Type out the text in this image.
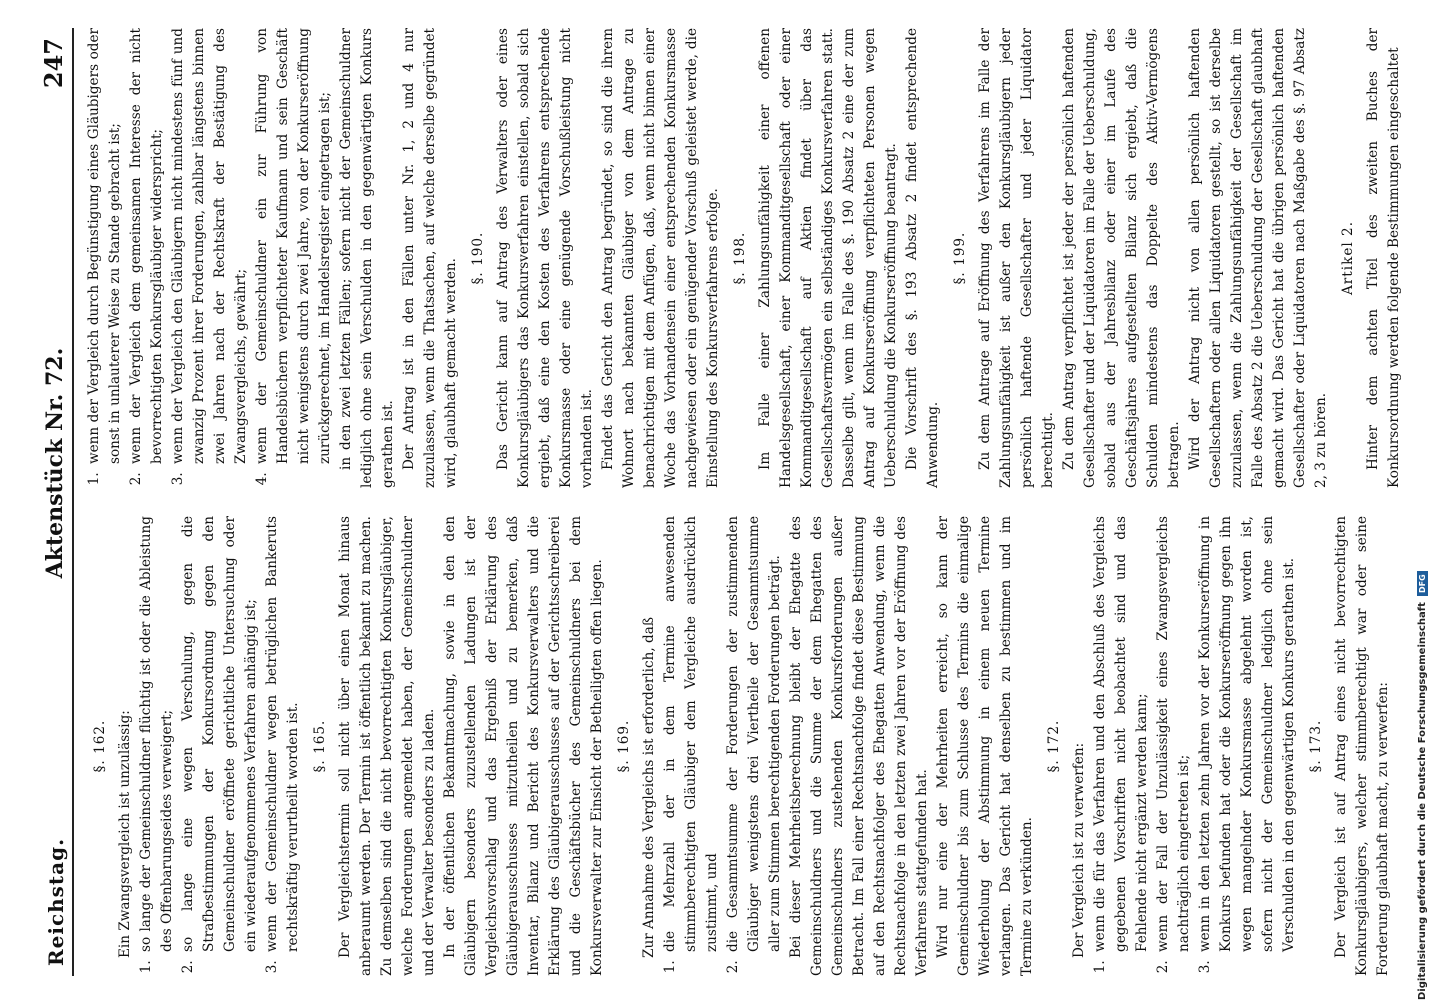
Reichstag.
Aktenstück Nr. 72.
247
§. 162. Ein Zwangsvergleich ist unzulässig: 1. so lange der Gemeinschuldner flüchtig ist oder die Ableistung des Offenbarungseides verweigert; 2. so lange eine wegen Verschulung, gegen die Strafbestimmungen der Konkursordnung gegen den Gemeinschuldner eröffnete gerichtliche Untersuchung oder ein wiederaufgenommenes Verfahren anhängig ist; 3. wenn der Gemeinschuldner wegen betrüglichen Bankeruts rechtskräftig verurtheilt worden ist. §. 165. Der Vergleichstermin soll nicht über einen Monat hinaus anberaumt werden. Der Termin ist öffentlich bekannt zu machen. Zu demselben sind die nicht bevorrechtigten Konkursgläubiger, welche Forderungen angemeldet haben, der Gemeinschuldner und der Verwalter besonders zu laden. In der öffentlichen Bekanntmachung, sowie in den den Gläubigern besonders zuzustellenden Ladungen ist der Vergleichsvorschlag und das Ergebniß der Erklärung des Gläubigerausschusses mitzutheilen und zu bemerken, daß Inventar, Bilanz und Bericht des Konkursverwalters und die Erklärung des Gläubigerausschusses auf der Gerichtsschreiberei und die Geschäftsbücher des Gemeinschuldners bei dem Konkursverwalter zur Einsicht der Betheiligten offen liegen. §. 169. Zur Annahme des Vergleichs ist erforderlich, daß 1. die Mehrzahl der in dem Termine anwesenden stimmberechtigten Gläubiger dem Vergleiche ausdrücklich zustimmt, und 2. die Gesammtsumme der Forderungen der zustimmenden Gläubiger wenigstens drei Viertheile der Gesammtsumme aller zum Stimmen berechtigenden Forderungen beträgt. Bei dieser Mehrheitsberechnung bleibt der Ehegatte des Gemeinschuldners und die Summe der dem Ehegatten des Gemeinschuldners zustehenden Konkursforderungen außer Betracht. Im Fall einer Rechtsnachfolge findet diese Bestimmung auf den Rechtsnachfolger des Ehegatten Anwendung, wenn die Rechtsnachfolge in den letzten zwei Jahren vor der Eröffnung des Verfahrens stattgefunden hat. Wird nur eine der Mehrheiten erreicht, so kann der Gemeinschuldner bis zum Schlusse des Termins die einmalige Wiederholung der Abstimmung in einem neuen Termine verlangen. Das Gericht hat denselben zu bestimmen und im Termine zu verkünden.

§. 172. Der Vergleich ist zu verwerfen: 1. wenn die für das Verfahren und den Abschluß des Vergleichs gegebenen Vorschriften nicht beobachtet sind und das Fehlende nicht ergänzt werden kann; 2. wenn der Fall der Unzulässigkeit eines Zwangsvergleichs nachträglich eingetreten ist; 3. wenn in den letzten zehn Jahren vor der Konkurseröffnung in Konkurs befunden hat oder die Konkurseröffnung gegen ihn wegen mangelnder Konkursmasse abgelehnt worden ist, sofern nicht der Gemeinschuldner lediglich ohne sein Verschulden in den gegenwärtigen Konkurs gerathen ist. §. 173. Der Vergleich ist auf Antrag eines nicht bevorrechtigten Konkursgläubigers, welcher stimmberechtigt war oder seine Forderung glaubhaft macht, zu verwerfen:

1. wenn der Vergleich durch Begünstigung eines Gläubigers oder sonst in unlauterer Weise zu Stande gebracht ist; 2. wenn der Vergleich dem gemeinsamen Interesse der nicht bevorrechtigten Konkursgläubiger widerspricht; 3. wenn der Vergleich den Gläubigern nicht mindestens fünf und zwanzig Prozent ihrer Forderungen, zahlbar längstens binnen zwei Jahren nach der Rechtskraft der Bestätigung des Zwangsvergleichs, gewährt; 4. wenn der Gemeinschuldner ein zur Führung von Handelsbüchern verpflichteter Kaufmann und sein Geschäft nicht wenigstens durch zwei Jahre, von der Konkurseröffnung zurückgerechnet, im Handelsregister eingetragen ist; in den zwei letzten Fällen; sofern nicht der Gemeinschuldner lediglich ohne sein Verschulden in den gegenwärtigen Konkurs gerathen ist. Der Antrag ist in den Fällen unter Nr. 1, 2 und 4 nur zuzulassen, wenn die Thatsachen, auf welche derselbe gegründet wird, glaubhaft gemacht werden. §. 190. Das Gericht kann auf Antrag des Verwalters oder eines Konkursgläubigers das Konkursverfahren einstellen, sobald sich ergiebt, daß eine den Kosten des Verfahrens entsprechende Konkursmasse oder eine genügende Vorschußleistung nicht vorhanden ist. Findet das Gericht den Antrag begründet, so sind die ihrem Wohnort nach bekannten Gläubiger von dem Antrage zu benachrichtigen mit dem Anfügen, daß, wenn nicht binnen einer Woche das Vorhandensein einer entsprechenden Konkursmasse nachgewiesen oder ein genügender Vorschuß geleistet werde, die Einstellung des Konkursverfahrens erfolge. §. 198. Im Falle einer Zahlungsunfähigkeit einer offenen Handelsgesellschaft, einer Kommanditgesellschaft oder einer Kommanditgesellschaft auf Aktien findet über das Gesellschaftsvermögen ein selbständiges Konkursverfahren statt. Dasselbe gilt, wenn im Falle des §. 190 Absatz 2 eine der zum Antrag auf Konkurseröffnung verpflichteten Personen wegen Ueberschuldung die Konkurseröffnung beantragt. Die Vorschrift des §. 193 Absatz 2 findet entsprechende Anwendung.

§. 199. Zu dem Antrage auf Eröffnung des Verfahrens im Falle der Zahlungsunfähigkeit ist außer den Konkursgläubigern jeder persönlich haftende Gesellschafter und jeder Liquidator berechtigt. Zu dem Antrag verpflichtet ist jeder der persönlich haftenden Gesellschafter und der Liquidatoren im Falle der Ueberschuldung, sobald aus der Jahresbilanz oder einer im Laufe des Geschäftsjahres aufgestellten Bilanz sich ergiebt, daß die Schulden mindestens das Doppelte des Aktiv-Vermögens betragen. Wird der Antrag nicht von allen persönlich haftenden Gesellschaftern oder allen Liquidatoren gestellt, so ist derselbe zuzulassen, wenn die Zahlungsunfähigkeit der Gesellschaft im Falle des Absatz 2 die Ueberschuldung der Gesellschaft glaubhaft gemacht wird. Das Gericht hat die übrigen persönlich haftenden Gesellschafter oder Liquidatoren nach Maßgabe des §. 97 Absatz 2, 3 zu hören.

Artikel 2. Hinter dem achten Titel des zweiten Buches der Konkursordnung werden folgende Bestimmungen eingeschaltet

Digitalisierung gefördert durch die Deutsche Forschungsgemeinschaft
DFG
